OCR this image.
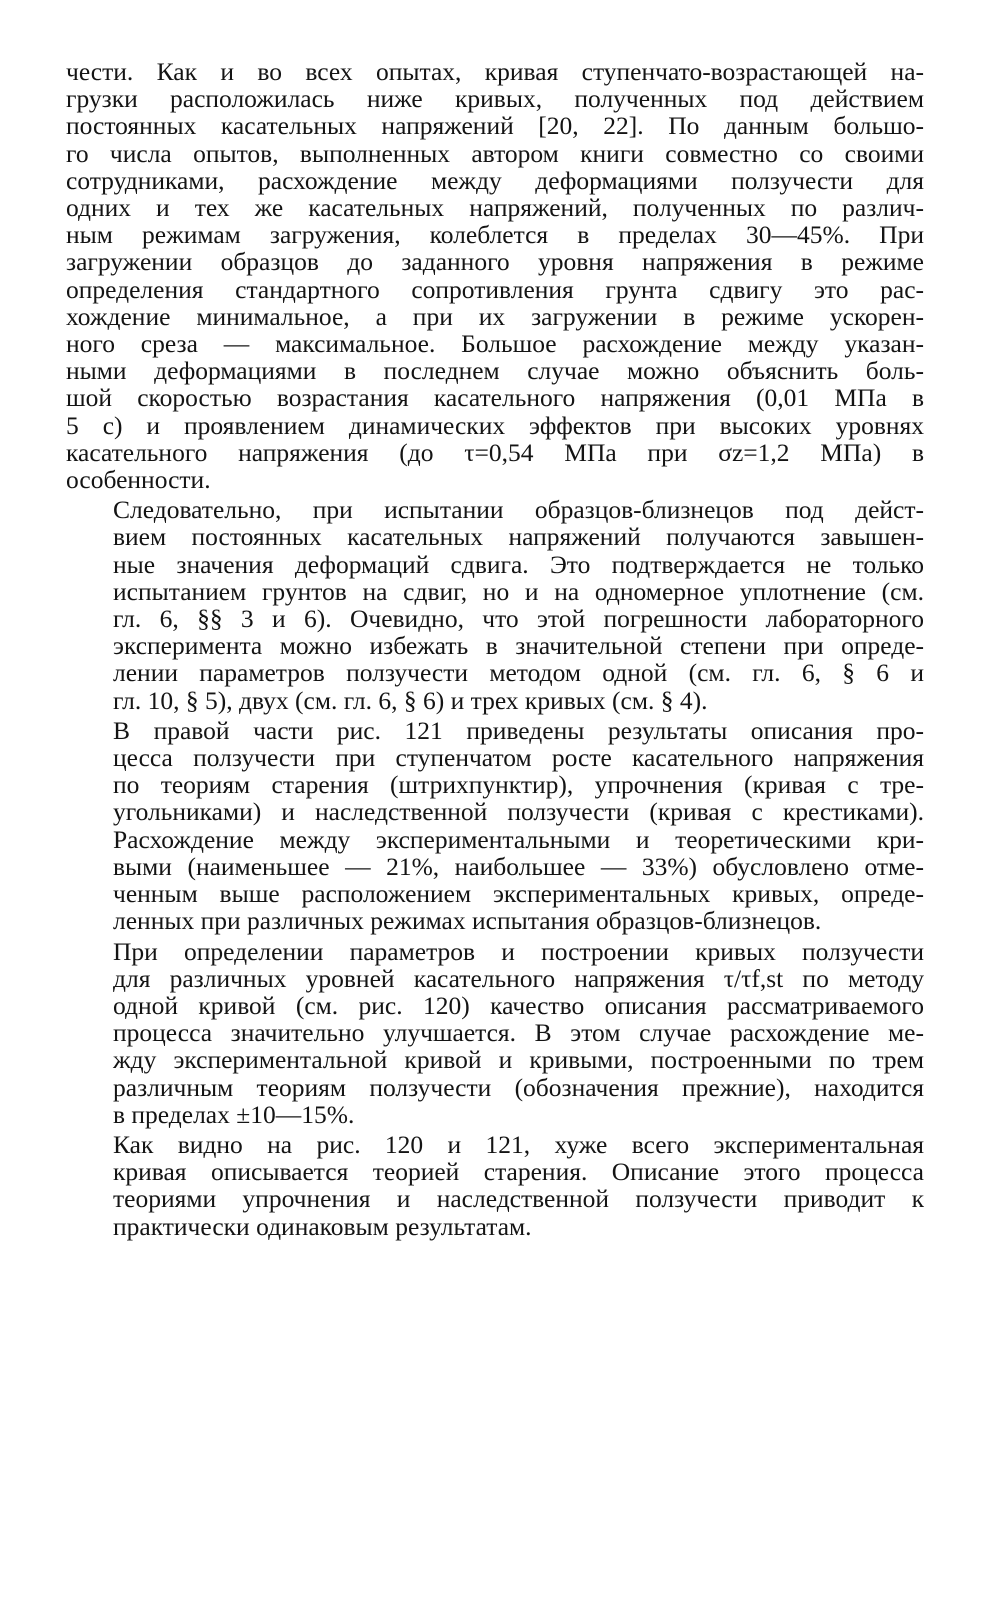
чести. Как и во всех опытах, кривая ступенчато-возрастающей на-
грузки расположилась ниже кривых, полученных под действием
постоянных касательных напряжений [20, 22]. По данным большо-
го числа опытов, выполненных автором книги совместно со своими
сотрудниками, расхождение между деформациями ползучести для
одних и тех же касательных напряжений, полученных по различ-
ным режимам загружения, колеблется в пределах 30—45%. При
загружении образцов до заданного уровня напряжения в режиме
определения стандартного сопротивления грунта сдвигу это рас-
хождение минимальное, а при их загружении в режиме ускорен-
ного среза — максимальное. Большое расхождение между указан-
ными деформациями в последнем случае можно объяснить боль-
шой скоростью возрастания касательного напряжения (0,01 МПа в
5 с) и проявлением динамических эффектов при высоких уровнях
касательного напряжения (до τ=0,54 МПа при σz=1,2 МПа) в
особенности.

Следовательно, при испытании образцов-близнецов под дейст-
вием постоянных касательных напряжений получаются завышен-
ные значения деформаций сдвига. Это подтверждается не только
испытанием грунтов на сдвиг, но и на одномерное уплотнение (см.
гл. 6, §§ 3 и 6). Очевидно, что этой погрешности лабораторного
эксперимента можно избежать в значительной степени при опреде-
лении параметров ползучести методом одной (см. гл. 6, § 6 и
гл. 10, § 5), двух (см. гл. 6, § 6) и трех кривых (см. § 4).

В правой части рис. 121 приведены результаты описания про-
цесса ползучести при ступенчатом росте касательного напряжения
по теориям старения (штрихпунктир), упрочнения (кривая с тре-
угольниками) и наследственной ползучести (кривая с крестиками).
Расхождение между экспериментальными и теоретическими кри-
выми (наименьшее — 21%, наибольшее — 33%) обусловлено отме-
ченным выше расположением экспериментальных кривых, опреде-
ленных при различных режимах испытания образцов-близнецов.

При определении параметров и построении кривых ползучести
для различных уровней касательного напряжения τ/τf,st по методу
одной кривой (см. рис. 120) качество описания рассматриваемого
процесса значительно улучшается. В этом случае расхождение ме-
жду экспериментальной кривой и кривыми, построенными по трем
различным теориям ползучести (обозначения прежние), находится
в пределах ±10—15%.

Как видно на рис. 120 и 121, хуже всего экспериментальная
кривая описывается теорией старения. Описание этого процесса
теориями упрочнения и наследственной ползучести приводит к
практически одинаковым результатам.
